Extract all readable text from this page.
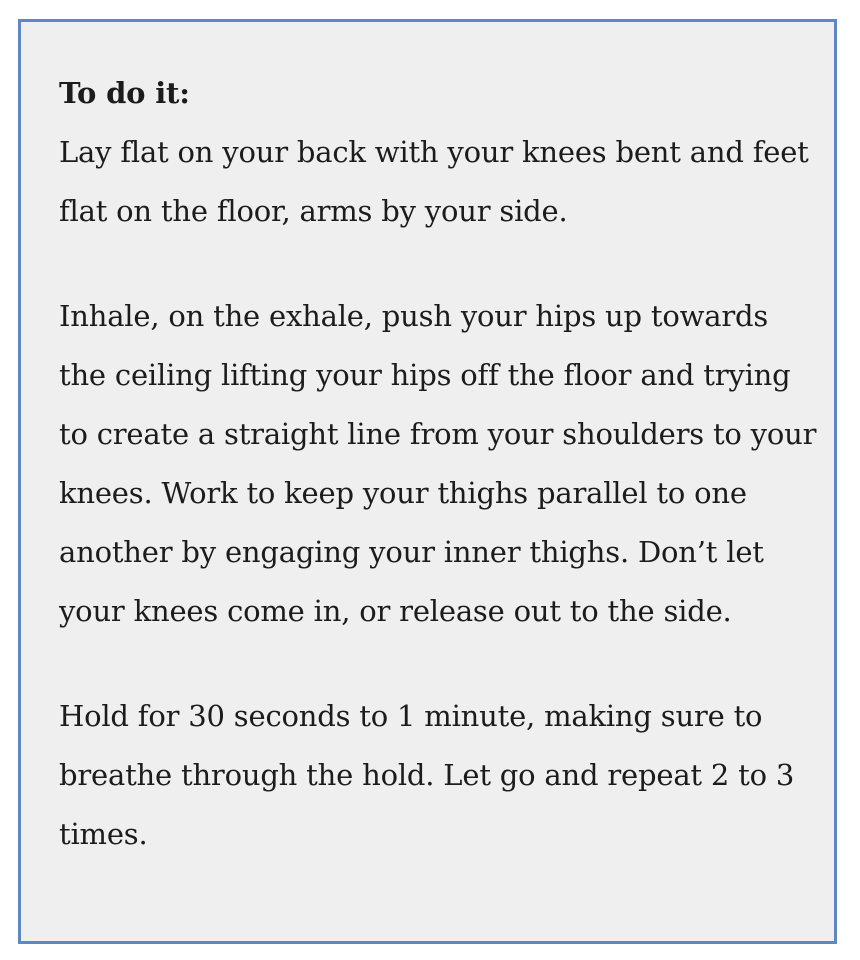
To do it:

Lay flat on your back with your knees bent and feet flat on the floor, arms by your side.

Inhale, on the exhale, push your hips up towards the ceiling lifting your hips off the floor and trying to create a straight line from your shoulders to your knees. Work to keep your thighs parallel to one another by engaging your inner thighs. Don’t let your knees come in, or release out to the side.

Hold for 30 seconds to 1 minute, making sure to breathe through the hold. Let go and repeat 2 to 3 times.
